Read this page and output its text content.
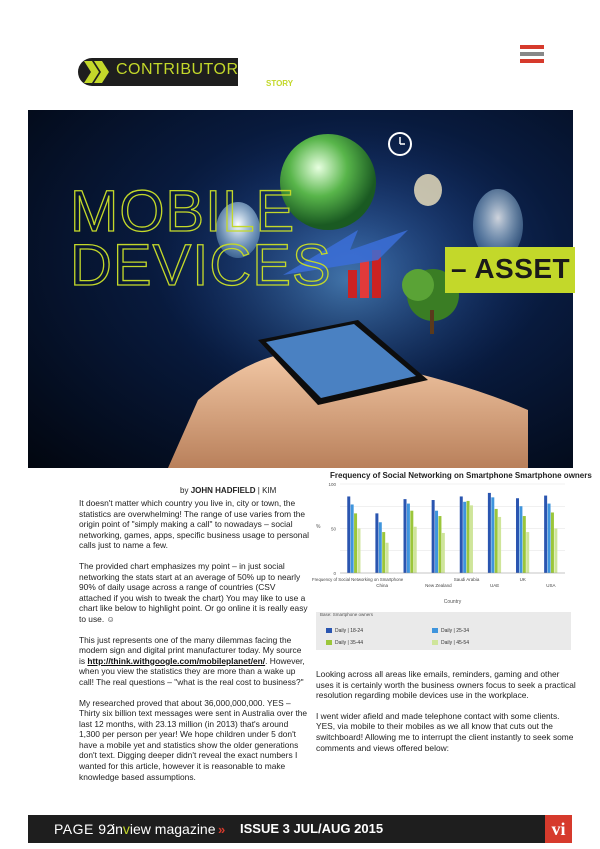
CONTRIBUTOR
STORY
MOBILE
DEVICES	– ASSET
by JOHN HADFIELD | KIM

It doesn't matter which country you live in, city or town, the statistics are overwhelming! The range of use varies from the origin point of "simply making a call" to nowadays – social networking, games, apps, specific business usage to personal calls just to name a few.

The provided chart emphasizes my point – in just social networking the stats start at an average of 50% up to nearly 90% of daily usage across a range of countries (CSV attached if you wish to tweak the chart) You may like to use a chart like below to highlight point. Or go online it is really easy to use. ☺

This just represents one of the many dilemmas facing the modern sign and digital print manufacturer today. My source is http://think.withgoogle.com/mobileplanet/en/. However, when you view the statistics they are more than a wake up call! The real questions – "what is the real cost to business?"

My researched proved that about 36,000,000,000. YES – Thirty six billion text messages were sent in Australia over the last 12 months, with 23.13 million (in 2013) that's around 1,300 per person per year! We hope children under 5 don't have a mobile yet and statistics show the older generations don't text. Digging deeper didn't reveal the exact numbers I wanted for this article, however it is reasonable to make knowledge based assumptions.

Frequency of Social Networking on Smartphone Smartphone owners
100
50
0
%
China	New Zealand
Saudi Arabia
UAE
UK
USA
Frequency of Social Networking on Smartphone
Country
Base: Smartphone owners
Daily | 18-24	Daily | 25-34
Daily | 35-44	Daily | 45-54

Looking across all areas like emails, reminders, gaming and other uses it is certainly worth the business owners focus to seek a practical resolution regarding mobile devices use in the workplace.

I went wider afield and made telephone contact with some clients. YES, via mobile to their mobiles as we all know that cuts out the switchboard! Allowing me to interrupt the client instantly to seek some comments and views offered below:

PAGE 92
inview magazine » ISSUE 3 JUL/AUG 2015	vi
